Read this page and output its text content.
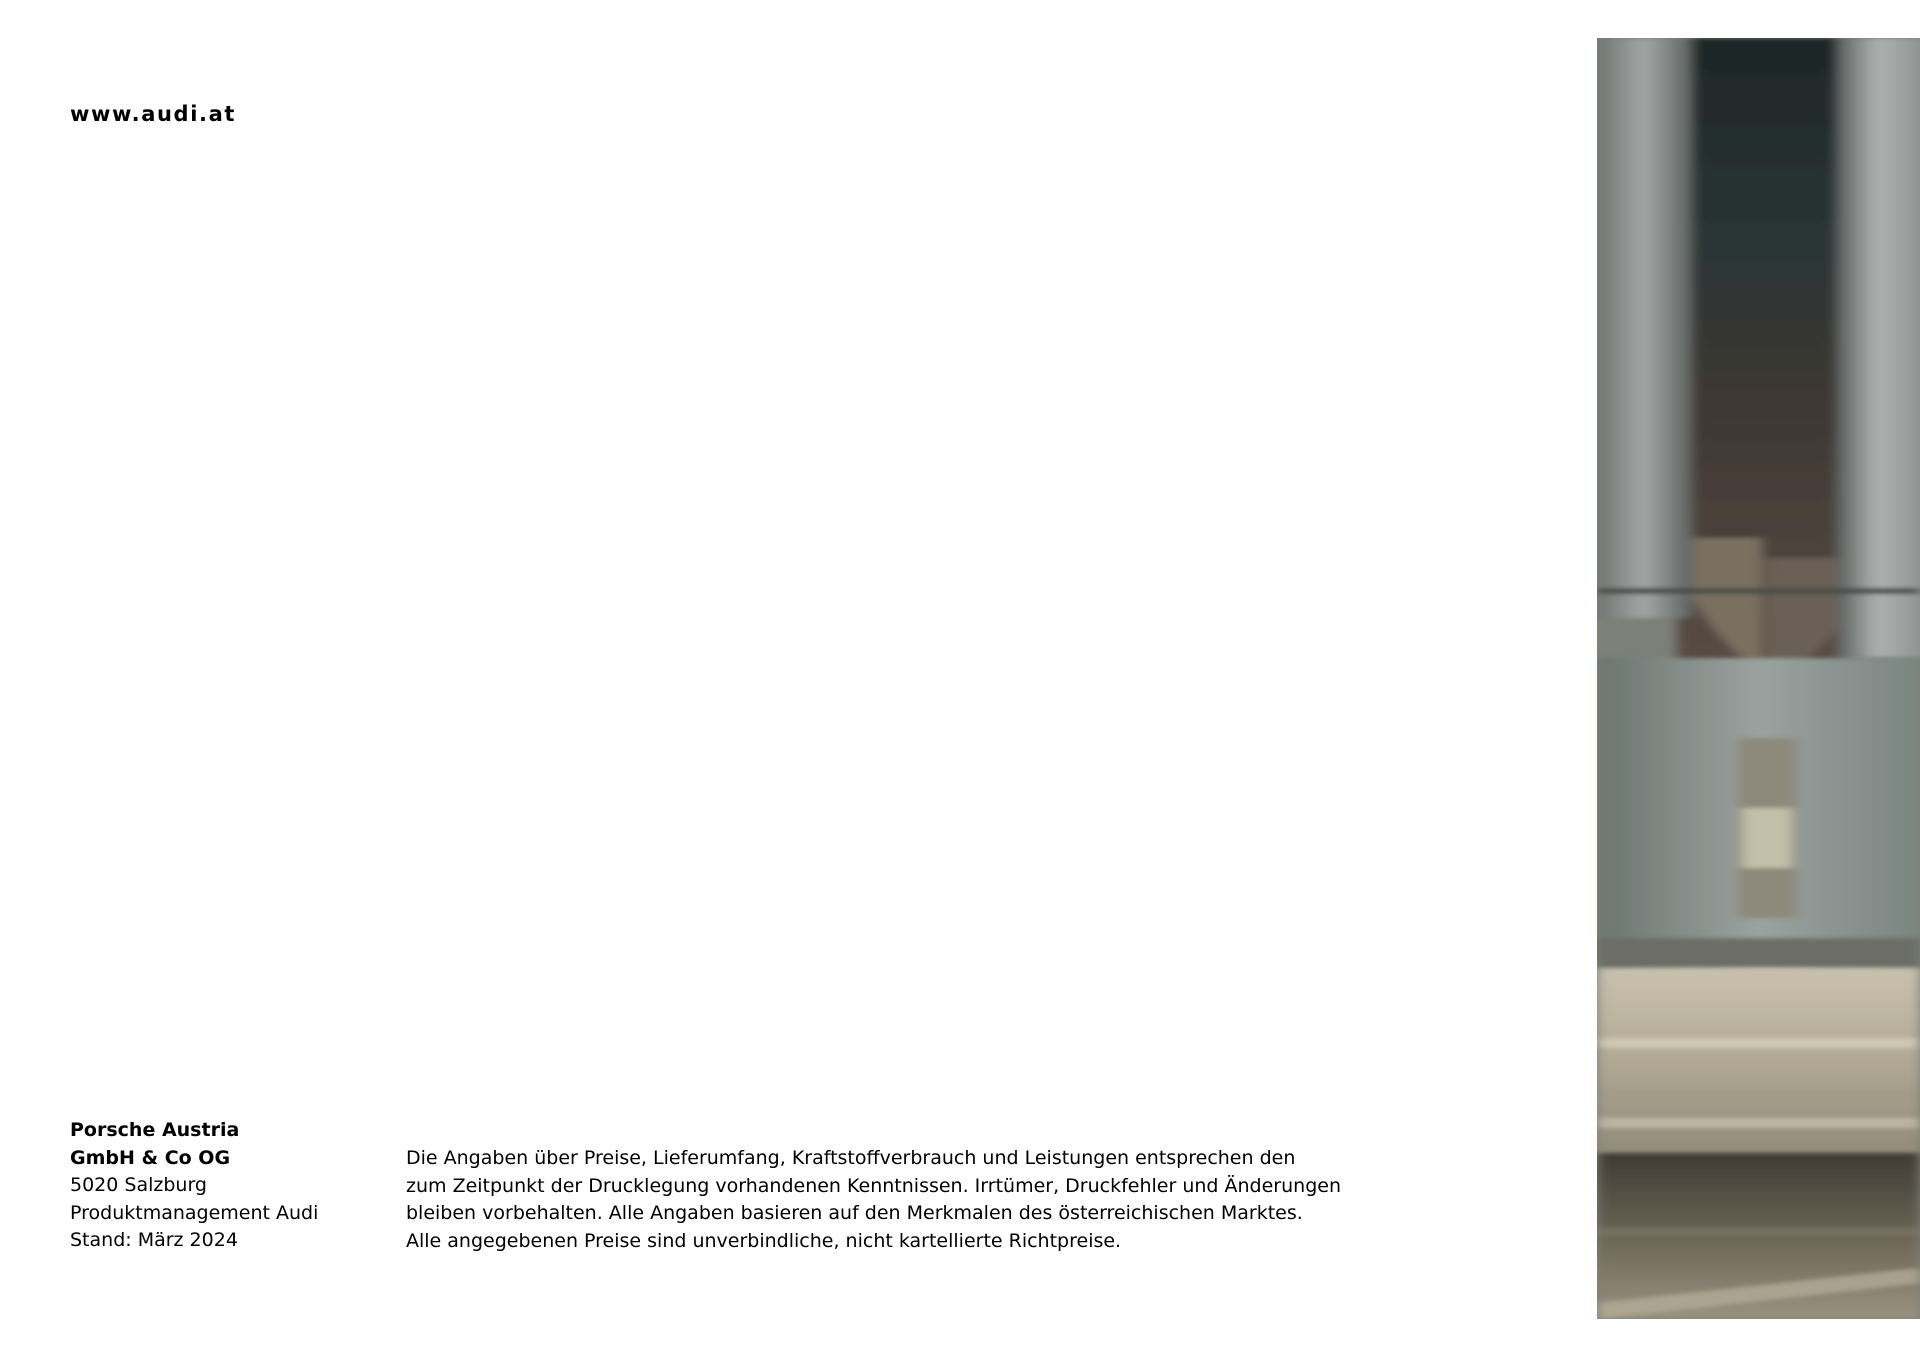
www.audi.at
Porsche Austria
GmbH & Co OG
5020 Salzburg
Produktmanagement Audi
Stand: März 2024
Die Angaben über Preise, Lieferumfang, Kraftstoffverbrauch und Leistungen entsprechen den
zum Zeitpunkt der Drucklegung vorhandenen Kenntnissen. Irrtümer, Druckfehler und Änderungen
bleiben vorbehalten. Alle Angaben basieren auf den Merkmalen des österreichischen Marktes.
Alle angegebenen Preise sind unverbindliche, nicht kartellierte Richtpreise.
